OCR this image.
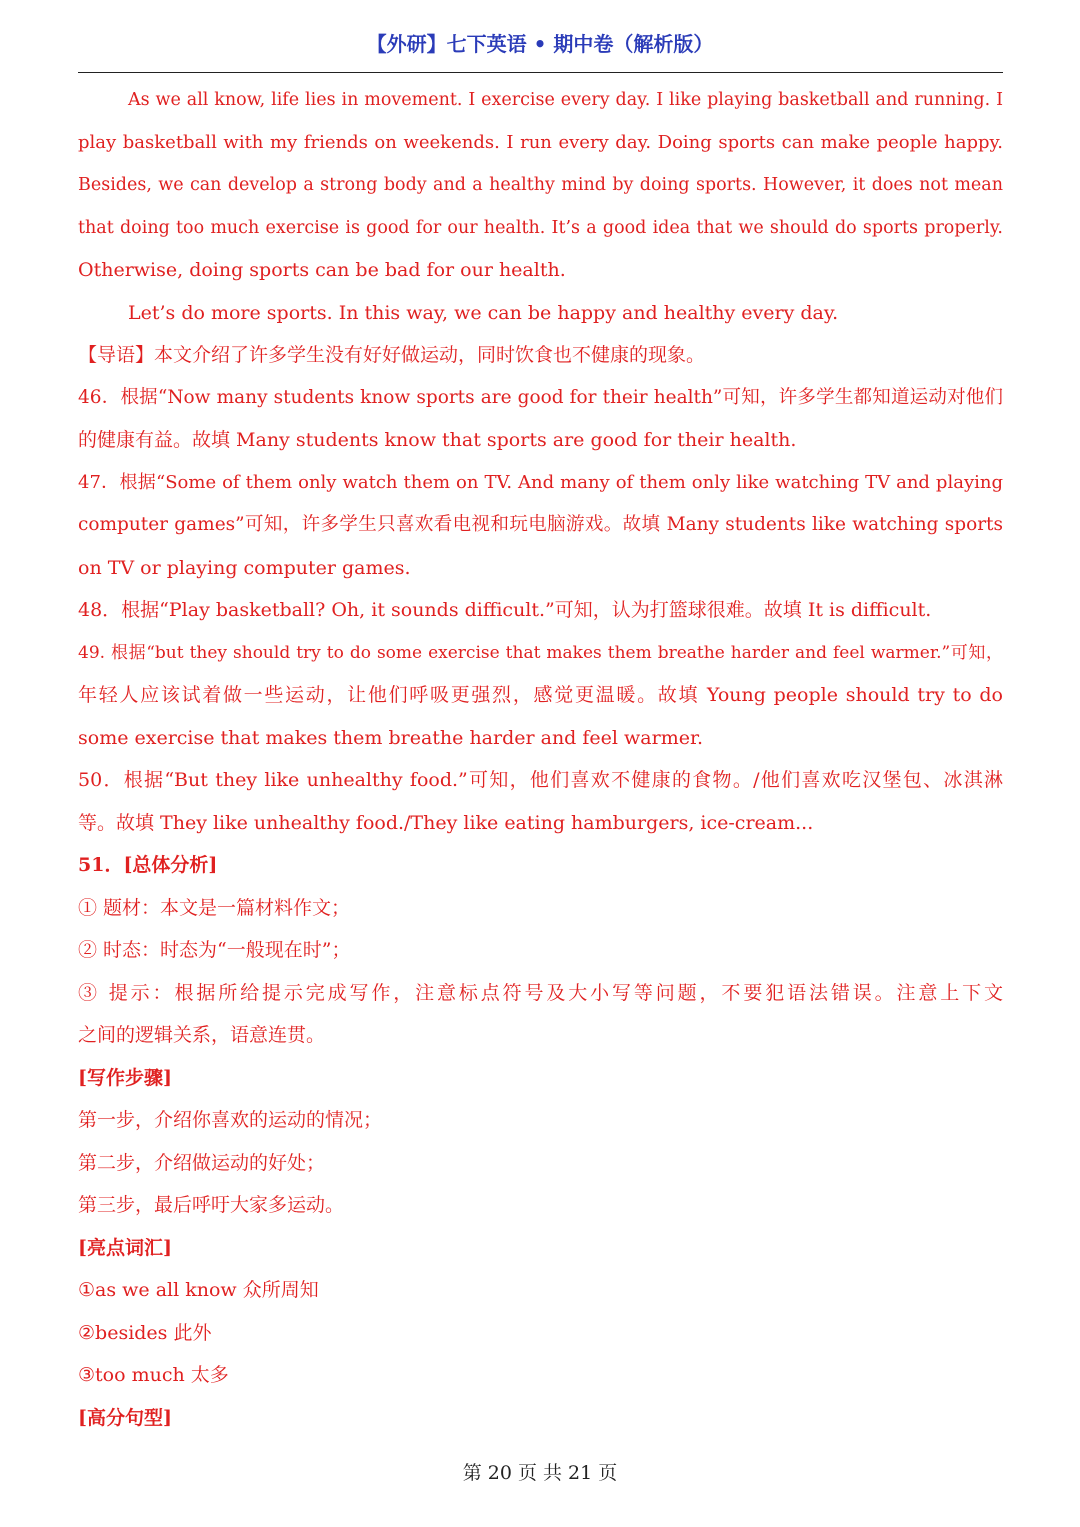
【外研】七下英语 • 期中卷（解析版）
As we all know, life lies in movement. I exercise every day. I like playing basketball and running. I
play basketball with my friends on weekends. I run every day. Doing sports can make people happy.
Besides, we can develop a strong body and a healthy mind by doing sports. However, it does not mean
that doing too much exercise is good for our health. It’s a good idea that we should do sports properly.
Otherwise, doing sports can be bad for our health.
Let’s do more sports. In this way, we can be happy and healthy every day.
【导语】本文介绍了许多学生没有好好做运动，同时饮食也不健康的现象。
46．根据“Now many students know sports are good for their health”可知，许多学生都知道运动对他们
的健康有益。故填 Many students know that sports are good for their health.
47．根据“Some of them only watch them on TV. And many of them only like watching TV and playing
computer games”可知，许多学生只喜欢看电视和玩电脑游戏。故填 Many students like watching sports
on TV or playing computer games.
48．根据“Play basketball? Oh, it sounds difficult.”可知，认为打篮球很难。故填 It is difficult.
49. 根据“but they should try to do some exercise that makes them breathe harder and feel warmer.”可知，
年轻人应该试着做一些运动，让他们呼吸更强烈，感觉更温暖。故填 Young people should try to do
some exercise that makes them breathe harder and feel warmer.
50．根据“But they like unhealthy food.”可知，他们喜欢不健康的食物。/他们喜欢吃汉堡包、冰淇淋
等。故填 They like unhealthy food./They like eating hamburgers, ice-cream...
51．[总体分析]
① 题材：本文是一篇材料作文；
② 时态：时态为“一般现在时”；
③ 提示：根据所给提示完成写作，注意标点符号及大小写等问题，不要犯语法错误。注意上下文
之间的逻辑关系，语意连贯。
[写作步骤]
第一步，介绍你喜欢的运动的情况；
第二步，介绍做运动的好处；
第三步，最后呼吁大家多运动。
[亮点词汇]
①as we all know 众所周知
②besides 此外
③too much 太多
[高分句型]
第 20 页 共 21 页
